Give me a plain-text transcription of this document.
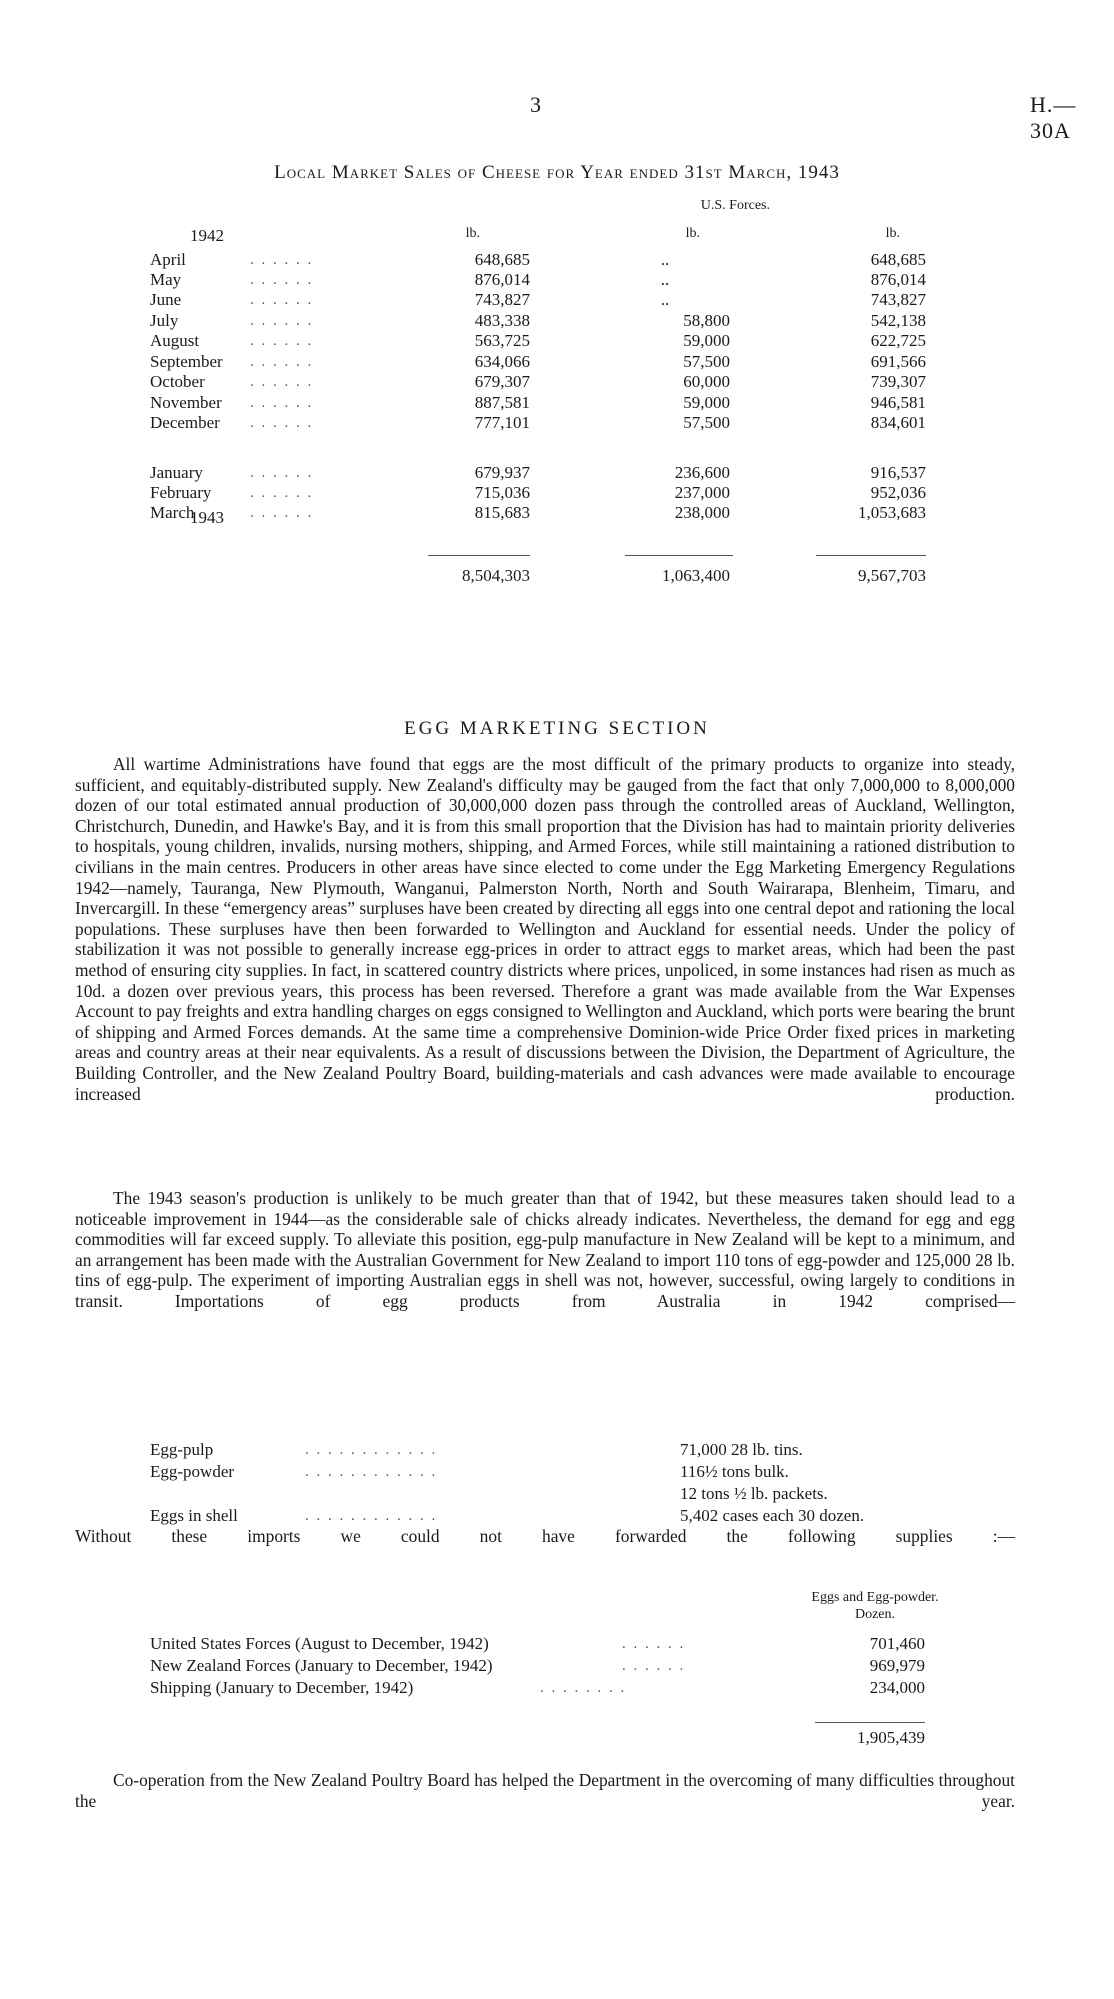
3	H.—30A
Local Market Sales of Cheese for Year ended 31st March, 1943
U.S. Forces.
1942	lb.	lb.	lb.
April	. . . . . .	648,685	..	648,685
May	. . . . . .	876,014	..	876,014
June	. . . . . .	743,827	..	743,827
July	. . . . . .	483,338	58,800	542,138
August	. . . . . .	563,725	59,000	622,725
September . . . . . .	634,066	57,500	691,566
October	. . . . . .	679,307	60,000	739,307
November . . . . . .	887,581	59,000	946,581
December . . . . . .	777,101	57,500	834,601
January	. . . . . .	679,937	236,600	916,537
February	. . . . . .	715,036	237,000	952,036
March	. . . . . .	815,683	238,000	1,053,683
1943
8,504,303	1,063,400	9,567,703
EGG MARKETING SECTION

All wartime Administrations have found that eggs are the most difficult of the primary products to organize into steady, sufficient, and equitably-distributed supply. New Zealand's difficulty may be gauged from the fact that only 7,000,000 to 8,000,000 dozen of our total estimated annual production of 30,000,000 dozen pass through the controlled areas of Auckland, Wellington, Christchurch, Dunedin, and Hawke's Bay, and it is from this small proportion that the Division has had to maintain priority deliveries to hospitals, young children, invalids, nursing mothers, shipping, and Armed Forces, while still maintaining a rationed distribution to civilians in the main centres. Producers in other areas have since elected to come under the Egg Marketing Emergency Regulations 1942—namely, Tauranga, New Plymouth, Wanganui, Palmerston North, North and South Wairarapa, Blenheim, Timaru, and Invercargill. In these “emergency areas” surpluses have been created by directing all eggs into one central depot and rationing the local populations. These surpluses have then been forwarded to Wellington and Auckland for essential needs. Under the policy of stabilization it was not possible to generally increase egg-prices in order to attract eggs to market areas, which had been the past method of ensuring city supplies. In fact, in scattered country districts where prices, unpoliced, in some instances had risen as much as 10d. a dozen over previous years, this process has been reversed. Therefore a grant was made available from the War Expenses Account to pay freights and extra handling charges on eggs consigned to Wellington and Auckland, which ports were bearing the brunt of shipping and Armed Forces demands. At the same time a comprehensive Dominion-wide Price Order fixed prices in marketing areas and country areas at their near equivalents. As a result of discussions between the Division, the Department of Agriculture, the Building Controller, and the New Zealand Poultry Board, building-materials and cash advances were made available to encourage increased production.

The 1943 season's production is unlikely to be much greater than that of 1942, but these measures taken should lead to a noticeable improvement in 1944—as the considerable sale of chicks already indicates. Nevertheless, the demand for egg and egg commodities will far exceed supply. To alleviate this position, egg-pulp manufacture in New Zealand will be kept to a minimum, and an arrangement has been made with the Australian Government for New Zealand to import 110 tons of egg-powder and 125,000 28 lb. tins of egg-pulp. The experiment of importing Australian eggs in shell was not, however, successful, owing largely to conditions in transit. Importations of egg products from Australia in 1942 comprised—

Egg-pulp	. . . . . . . . . . . .	71,000 28 lb. tins.
Egg-powder	. . . . . . . . . . . .	116½ tons bulk.
12 tons ½ lb. packets.
Eggs in shell	. . . . . . . . . . . .	5,402 cases each 30 dozen.

Without these imports we could not have forwarded the following supplies :—

Eggs and Egg-powder.
Dozen.
United States Forces (August to December, 1942)	. . . . . .	701,460
New Zealand Forces (January to December, 1942)	. . . . . .	969,979
Shipping (January to December, 1942)	. . . . . . . .	234,000
1,905,439

Co-operation from the New Zealand Poultry Board has helped the Department in the overcoming of many difficulties throughout the year.
